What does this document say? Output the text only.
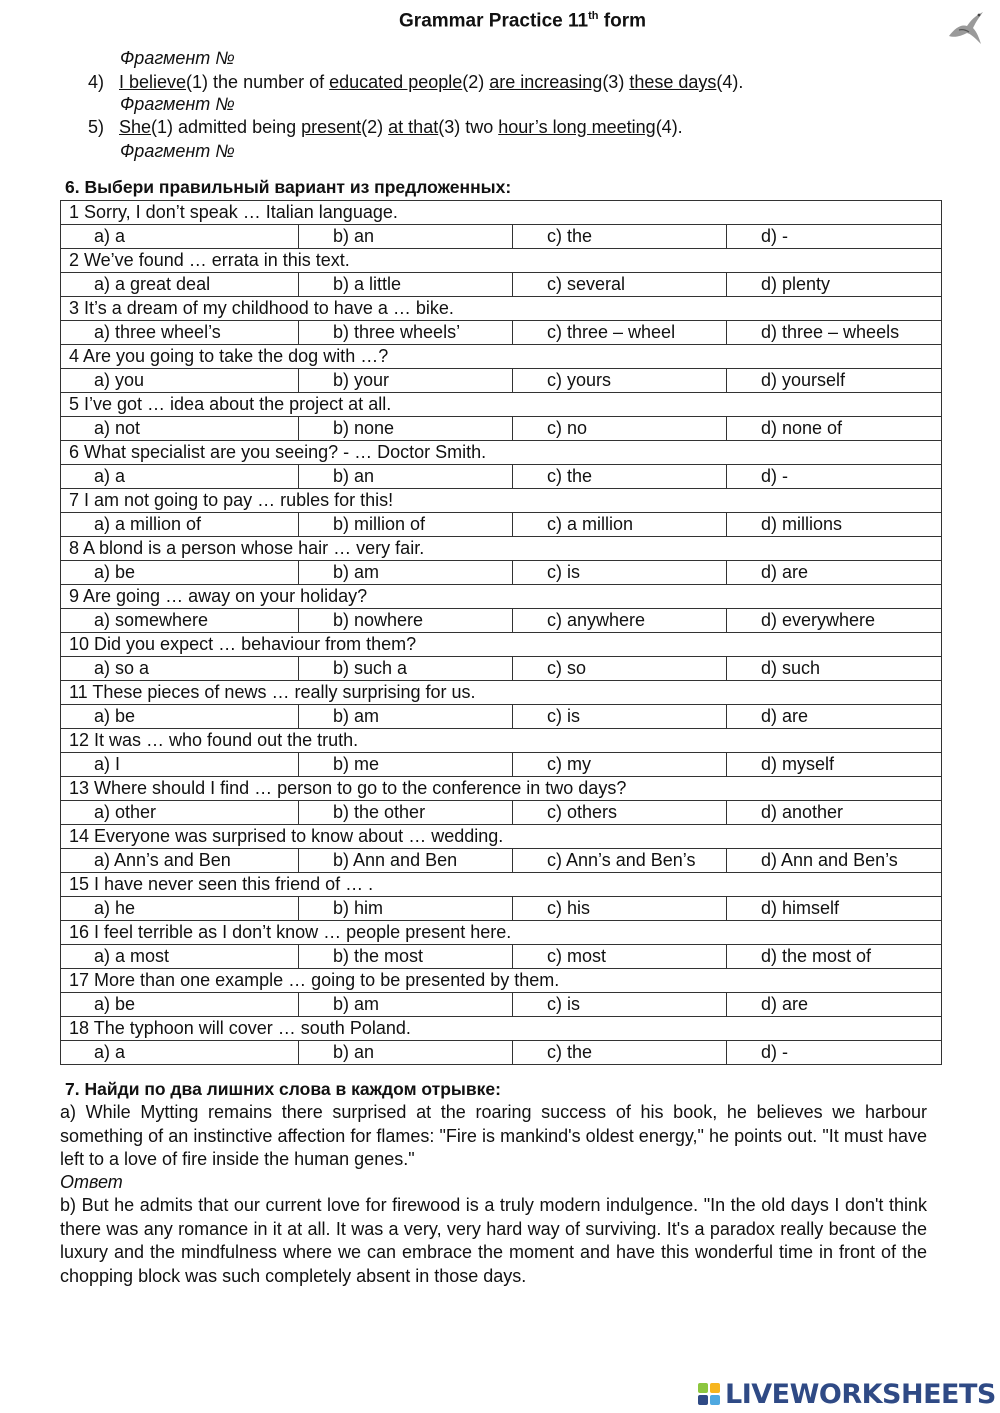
Grammar Practice 11th form
Фрагмент №
4) I believe(1) the number of educated people(2) are increasing(3) these days(4).
Фрагмент №
5) She(1) admitted being present(2) at that(3) two hour’s long meeting(4).
Фрагмент №
6. Выбери правильный вариант из предложенных:
1 Sorry, I don’t speak … Italian language.			
a) a	b) an	c) the	d) -
2 We’ve found … errata in this text.			
a) a great deal	b) a little	c) several	d) plenty
3 It’s a dream of my childhood to have a … bike.			
a) three wheel’s	b) three wheels’	c) three – wheel	d) three – wheels
4 Are you going to take the dog with …?			
a) you	b) your	c) yours	d) yourself
5 I’ve got … idea about the project at all.			
a) not	b) none	c) no	d) none of
6 What specialist are you seeing? - … Doctor Smith.			
a) a	b) an	c) the	d) -
7 I am not going to pay … rubles for this!			
a) a million of	b) million of	c) a million	d) millions
8 A blond is a person whose hair … very fair.			
a) be	b) am	c) is	d) are
9 Are going … away on your holiday?			
a) somewhere	b) nowhere	c) anywhere	d) everywhere
10 Did you expect … behaviour from them?			
a) so a	b) such a	c) so	d) such
11 These pieces of news … really surprising for us.			
a) be	b) am	c) is	d) are
12 It was … who found out the truth.			
a) I	b) me	c) my	d) myself
13 Where should I find … person to go to the conference in two days?			
a) other	b) the other	c) others	d) another
14 Everyone was surprised to know about … wedding.			
a) Ann’s and Ben	b) Ann and Ben	c) Ann’s and Ben’s	d) Ann and Ben’s
15 I have never seen this friend of … .			
a) he	b) him	c) his	d) himself
16 I feel terrible as I don’t know … people present here.			
a) a most	b) the most	c) most	d) the most of
17 More than one example … going to be presented by them.			
a) be	b) am	c) is	d) are
18 The typhoon will cover … south Poland.			
a) a	b) an	c) the	d) -
7. Найди по два лишних слова в каждом отрывке:
a) While Mytting remains there surprised at the roaring success of his book, he believes we harbour something of an instinctive affection for flames: "Fire is mankind's oldest energy," he points out. "It must have left to a love of fire inside the human genes."
Ответ
b) But he admits that our current love for firewood is a truly modern indulgence. "In the old days I don't think there was any romance in it at all. It was a very, very hard way of surviving. It's a paradox really because the luxury and the mindfulness where we can embrace the moment and have this wonderful time in front of the chopping block was such completely absent in those days.
LIVEWORKSHEETS
